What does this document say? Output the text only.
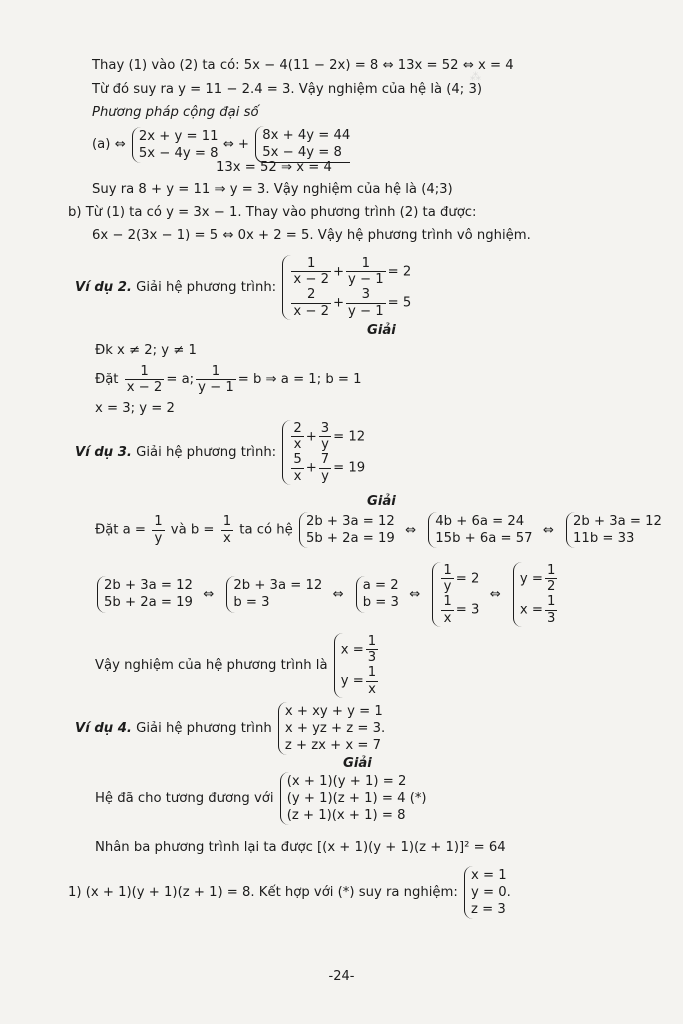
⁂
Thay (1) vào (2) ta có: 5x − 4(11 − 2x) = 8 ⇔ 13x = 52 ⇔ x = 4
Từ đó suy ra y = 11 − 2.4 = 3. Vậy nghiệm của hệ là (4; 3)
Phương pháp cộng đại số
(a) ⇔
2x + y = 11
5x − 4y = 8
⇔ +
8x + 4y = 44
5x − 4y = 8
13x = 52 ⇒ x = 4
Suy ra 8 + y = 11 ⇒ y = 3. Vậy nghiệm của hệ là (4;3)
b) Từ (1) ta có y = 3x − 1. Thay vào phương trình (2) ta được:
6x − 2(3x − 1) = 5 ⇔ 0x + 2 = 5. Vậy hệ phương trình vô nghiệm.
Ví dụ 2. Giải hệ phương trình: $\frac{1}{x - 2} + \frac{1}{y - 1} = 2$
$\frac{2}{x - 2} + \frac{3}{y - 1} = 5$
Giải
Đk x ≠ 2; y ≠ 1
Đặt $\frac{1}{x - 2} = a$; $\frac{1}{y - 1} = b$ ⇒ a = 1; b = 1
x = 3; y = 2
Ví dụ 3. Giải hệ phương trình: $\frac{2}{x} + \frac{3}{y} = 12$
$\frac{5}{x} + \frac{7}{y} = 19$
Giải
Đặt $a = \frac{1}{y}$ và $b = \frac{1}{x}$ ta có hệ
2b + 3a = 12
5b + 2a = 19
⇔
4b + 6a = 24
15b + 6a = 57
⇔
2b + 3a = 12
11b = 33
2b + 3a = 12
5b + 2a = 19
⇔
2b + 3a = 12
b = 3
⇔
a = 2
b = 3
⇔ $\frac{1}{y} = 2$
$\frac{1}{x} = 3$
⇔
$y = \frac{1}{2}$
$x = \frac{1}{3}$
Vậy nghiệm của hệ phương trình là
$x = \frac{1}{3}$
$y = \frac{1}{x}$
Ví dụ 4. Giải hệ phương trình
x + xy + y = 1
x + yz + z = 3.
z + zx + x = 7
Giải
Hệ đã cho tương đương với
(x + 1)(y + 1) = 2
(y + 1)(z + 1) = 4 (*)
(z + 1)(x + 1) = 8
Nhân ba phương trình lại ta được [(x + 1)(y + 1)(z + 1)]² = 64
1) (x + 1)(y + 1)(z + 1) = 8. Kết hợp với (*) suy ra nghiệm:
x = 1
y = 0.
z = 3
-24-
